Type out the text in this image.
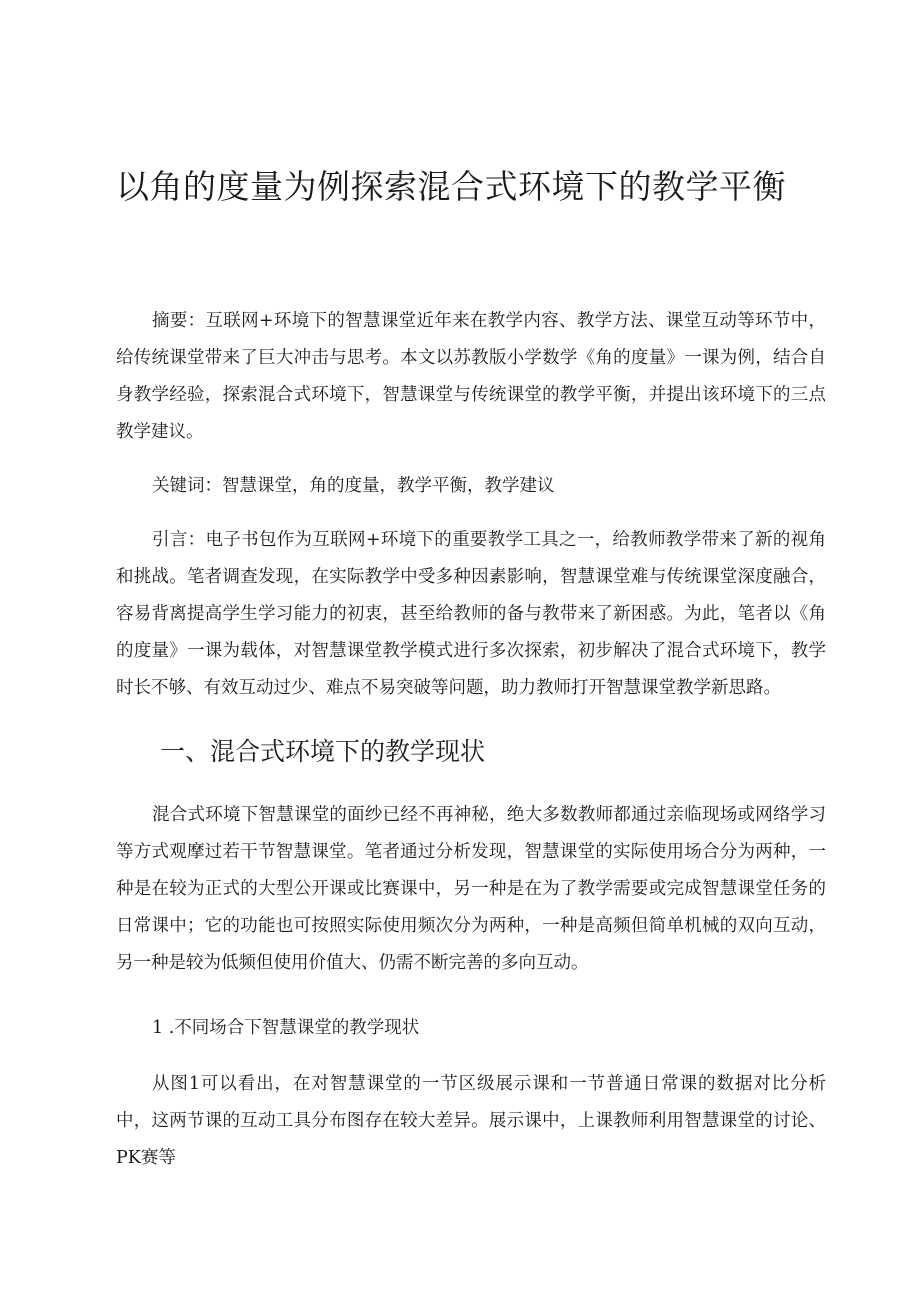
以角的度量为例探索混合式环境下的教学平衡

摘要：互联网+环境下的智慧课堂近年来在教学内容、教学方法、课堂互动等环节中，给传统课堂带来了巨大冲击与思考。本文以苏教版小学数学《角的度量》一课为例，结合自身教学经验，探索混合式环境下，智慧课堂与传统课堂的教学平衡，并提出该环境下的三点教学建议。

关键词：智慧课堂，角的度量，教学平衡，教学建议

引言：电子书包作为互联网+环境下的重要教学工具之一，给教师教学带来了新的视角和挑战。笔者调查发现，在实际教学中受多种因素影响，智慧课堂难与传统课堂深度融合，容易背离提高学生学习能力的初衷，甚至给教师的备与教带来了新困惑。为此，笔者以《角的度量》一课为载体，对智慧课堂教学模式进行多次探索，初步解决了混合式环境下，教学时长不够、有效互动过少、难点不易突破等问题，助力教师打开智慧课堂教学新思路。

一、混合式环境下的教学现状

混合式环境下智慧课堂的面纱已经不再神秘，绝大多数教师都通过亲临现场或网络学习等方式观摩过若干节智慧课堂。笔者通过分析发现，智慧课堂的实际使用场合分为两种，一种是在较为正式的大型公开课或比赛课中，另一种是在为了教学需要或完成智慧课堂任务的日常课中；它的功能也可按照实际使用频次分为两种，一种是高频但简单机械的双向互动，另一种是较为低频但使用价值大、仍需不断完善的多向互动。

1 .不同场合下智慧课堂的教学现状

从图1可以看出，在对智慧课堂的一节区级展示课和一节普通日常课的数据对比分析中，这两节课的互动工具分布图存在较大差异。展示课中，上课教师利用智慧课堂的讨论、PK赛等
